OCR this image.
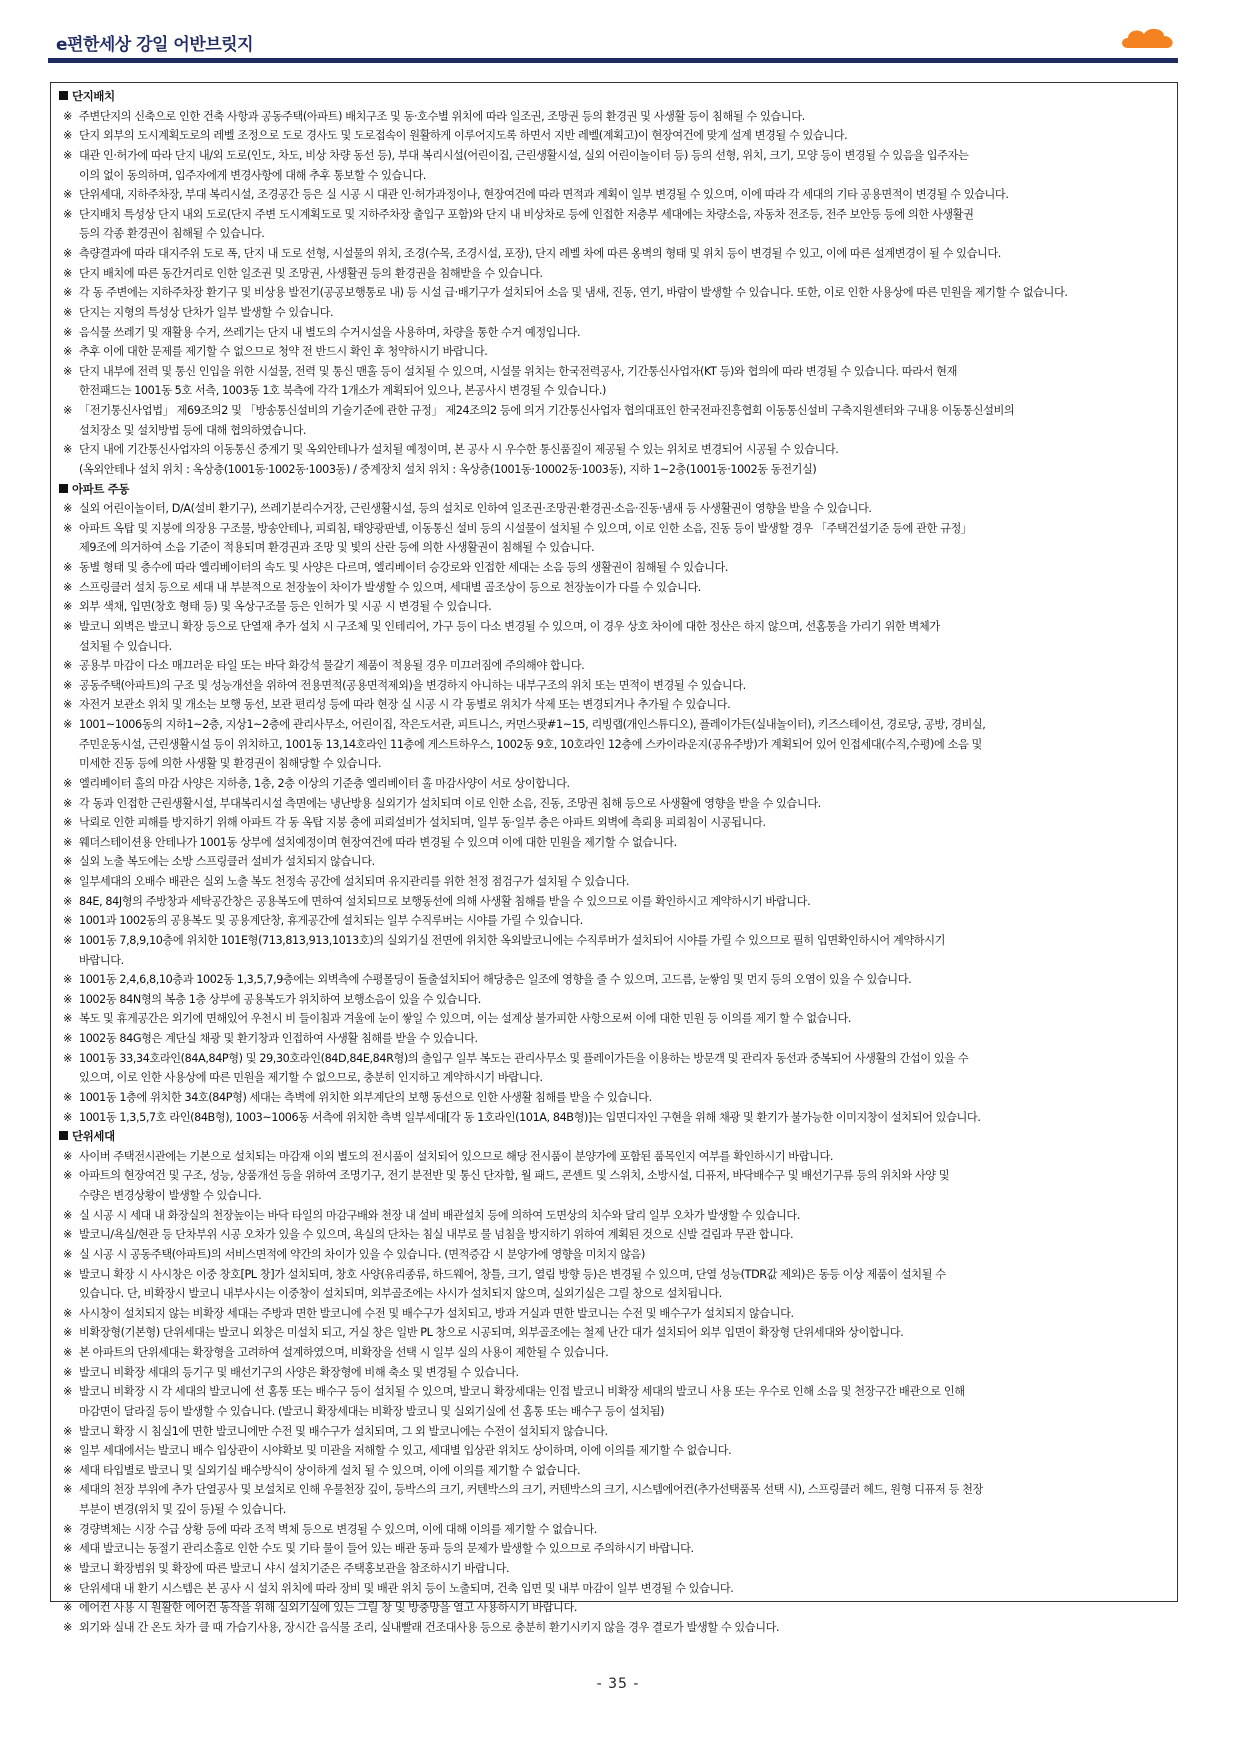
e편한세상 강일 어반브릿지
단지배치
※ 주변단지의 신축으로 인한 건축 사항과 공동주택(아파트) 배치구조 및 동·호수별 위치에 따라 일조권, 조망권 등의 환경권 및 사생활 등이 침해될 수 있습니다.
※ 단지 외부의 도시계획도로의 레벨 조정으로 도로 경사도 및 도로접속이 원활하게 이루어지도록 하면서 지반 레벨(계획고)이 현장여건에 맞게 설계 변경될 수 있습니다.
※ 대관 인·허가에 따라 단지 내/외 도로(인도, 차도, 비상 차량 동선 등), 부대 복리시설(어린이집, 근린생활시설, 실외 어린이놀이터 등) 등의 선형, 위치, 크기, 모양 등이 변경될 수 있음을 입주자는
이의 없이 동의하며, 입주자에게 변경사항에 대해 추후 통보할 수 있습니다.
※ 단위세대, 지하주차장, 부대 복리시설, 조경공간 등은 실 시공 시 대관 인·허가과정이나, 현장여건에 따라 면적과 계획이 일부 변경될 수 있으며, 이에 따라 각 세대의 기타 공용면적이 변경될 수 있습니다.
※ 단지배치 특성상 단지 내외 도로(단지 주변 도시계획도로 및 지하주차장 출입구 포함)와 단지 내 비상차로 등에 인접한 저층부 세대에는 차량소음, 자동차 전조등, 전주 보안등 등에 의한 사생활권
등의 각종 환경권이 침해될 수 있습니다.
※ 측량결과에 따라 대지주위 도로 폭, 단지 내 도로 선형, 시설물의 위치, 조경(수목, 조경시설, 포장), 단지 레벨 차에 따른 옹벽의 형태 및 위치 등이 변경될 수 있고, 이에 따른 설계변경이 될 수 있습니다.
※ 단지 배치에 따른 동간거리로 인한 일조권 및 조망권, 사생활권 등의 환경권을 침해받을 수 있습니다.
※ 각 동 주변에는 지하주차장 환기구 및 비상용 발전기(공공보행통로 내) 등 시설 급·배기구가 설치되어 소음 및 냄새, 진동, 연기, 바람이 발생할 수 있습니다. 또한, 이로 인한 사용상에 따른 민원을 제기할 수 없습니다.
※ 단지는 지형의 특성상 단차가 일부 발생할 수 있습니다.
※ 음식물 쓰레기 및 재활용 수거, 쓰레기는 단지 내 별도의 수거시설을 사용하며, 차량을 통한 수거 예정입니다.
※ 추후 이에 대한 문제를 제기할 수 없으므로 청약 전 반드시 확인 후 청약하시기 바랍니다.
※ 단지 내부에 전력 및 통신 인입을 위한 시설물, 전력 및 통신 맨홀 등이 설치될 수 있으며, 시설물 위치는 한국전력공사, 기간통신사업자(KT 등)와 협의에 따라 변경될 수 있습니다. 따라서 현재
한전패드는 1001동 5호 서측, 1003동 1호 북측에 각각 1개소가 계획되어 있으나, 본공사시 변경될 수 있습니다.)
※ 「전기통신사업법」 제69조의2 및 「방송통신설비의 기술기준에 관한 규정」 제24조의2 등에 의거 기간통신사업자 협의대표인 한국전파진흥협회 이동통신설비 구축지원센터와 구내용 이동통신설비의
설치장소 및 설치방법 등에 대해 협의하였습니다.
※ 단지 내에 기간통신사업자의 이동통신 중계기 및 옥외안테나가 설치될 예정이며, 본 공사 시 우수한 통신품질이 제공될 수 있는 위치로 변경되어 시공될 수 있습니다.
(옥외안테나 설치 위치 : 옥상층(1001동·1002동·1003동) / 중계장치 설치 위치 : 옥상층(1001동·10002동·1003동), 지하 1~2층(1001동·1002동 동전기실)
아파트 주동
※ 실외 어린이놀이터, D/A(설비 환기구), 쓰레기분리수거장, 근린생활시설, 등의 설치로 인하여 일조권·조망권·환경권·소음·진동·냄새 등 사생활권이 영향을 받을 수 있습니다.
※ 아파트 옥탑 및 지붕에 의장용 구조물, 방송안테나, 피뢰침, 태양광판넬, 이동통신 설비 등의 시설물이 설치될 수 있으며, 이로 인한 소음, 진동 등이 발생할 경우 「주택건설기준 등에 관한 규정」
제9조에 의거하여 소음 기준이 적용되며 환경권과 조망 및 빛의 산란 등에 의한 사생활권이 침해될 수 있습니다.
※ 동별 형태 및 층수에 따라 엘리베이터의 속도 및 사양은 다르며, 엘리베이터 승강로와 인접한 세대는 소음 등의 생활권이 침해될 수 있습니다.
※ 스프링클러 설치 등으로 세대 내 부분적으로 천장높이 차이가 발생할 수 있으며, 세대별 골조상이 등으로 천장높이가 다를 수 있습니다.
※ 외부 색채, 입면(창호 형태 등) 및 옥상구조물 등은 인허가 및 시공 시 변경될 수 있습니다.
※ 발코니 외벽은 발코니 확장 등으로 단열재 추가 설치 시 구조체 및 인테리어, 가구 등이 다소 변경될 수 있으며, 이 경우 상호 차이에 대한 정산은 하지 않으며, 선홈통을 가리기 위한 벽체가
설치될 수 있습니다.
※ 공용부 마감이 다소 매끄러운 타일 또는 바닥 화강석 물갈기 제품이 적용될 경우 미끄러짐에 주의해야 합니다.
※ 공동주택(아파트)의 구조 및 성능개선을 위하여 전용면적(공용면적제외)을 변경하지 아니하는 내부구조의 위치 또는 면적이 변경될 수 있습니다.
※ 자전거 보관소 위치 및 개소는 보행 동선, 보관 편리성 등에 따라 현장 실 시공 시 각 동별로 위치가 삭제 또는 변경되거나 추가될 수 있습니다.
※ 1001~1006동의 지하1~2층, 지상1~2층에 관리사무소, 어린이집, 작은도서관, 피트니스, 커먼스팟#1~15, 리빙랩(개인스튜디오), 플레이가든(실내놀이터), 키즈스테이션, 경로당, 공방, 경비실,
주민운동시설, 근린생활시설 등이 위치하고, 1001동 13,14호라인 11층에 게스트하우스, 1002동 9호, 10호라인 12층에 스카이라운지(공유주방)가 계획되어 있어 인접세대(수직,수평)에 소음 및
미세한 진동 등에 의한 사생활 및 환경권이 침해당할 수 있습니다.
※ 엘리베이터 홀의 마감 사양은 지하층, 1층, 2층 이상의 기준층 엘리베이터 홀 마감사양이 서로 상이합니다.
※ 각 동과 인접한 근린생활시설, 부대복리시설 측면에는 냉난방용 실외기가 설치되며 이로 인한 소음, 진동, 조망권 침해 등으로 사생활에 영향을 받을 수 있습니다.
※ 낙뢰로 인한 피해를 방지하기 위해 아파트 각 동 옥탑 지붕 층에 피뢰설비가 설치되며, 일부 동·일부 층은 아파트 외벽에 측뢰용 피뢰침이 시공됩니다.
※ 웨더스테이션용 안테나가 1001동 상부에 설치예정이며 현장여건에 따라 변경될 수 있으며 이에 대한 민원을 제기할 수 없습니다.
※ 실외 노출 복도에는 소방 스프링클러 설비가 설치되지 않습니다.
※ 일부세대의 오배수 배관은 실외 노출 복도 천정속 공간에 설치되며 유지관리를 위한 천정 점검구가 설치될 수 있습니다.
※ 84E, 84J형의 주방창과 세탁공간창은 공용복도에 면하여 설치되므로 보행동선에 의해 사생활 침해를 받을 수 있으므로 이를 확인하시고 계약하시기 바랍니다.
※ 1001과 1002동의 공용복도 및 공용계단창, 휴게공간에 설치되는 일부 수직루버는 시야를 가릴 수 있습니다.
※ 1001동 7,8,9,10층에 위치한 101E형(713,813,913,1013호)의 실외기실 전면에 위치한 옥외발코니에는 수직루버가 설치되어 시야를 가릴 수 있으므로 필히 입면확인하시어 계약하시기
바랍니다.
※ 1001동 2,4,6,8,10층과 1002동 1,3,5,7,9층에는 외벽측에 수평몰딩이 돌출설치되어 해당층은 일조에 영향을 줄 수 있으며, 고드름, 눈쌓임 및 먼지 등의 오염이 있을 수 있습니다.
※ 1002동 84N형의 복층 1층 상부에 공용복도가 위치하여 보행소음이 있을 수 있습니다.
※ 복도 및 휴게공간은 외기에 면해있어 우천시 비 들이침과 겨울에 눈이 쌓일 수 있으며, 이는 설계상 불가피한 사항으로써 이에 대한 민원 등 이의를 제기 할 수 없습니다.
※ 1002동 84G형은 계단실 채광 및 환기창과 인접하여 사생활 침해를 받을 수 있습니다.
※ 1001동 33,34호라인(84A,84P형) 및 29,30호라인(84D,84E,84R형)의 출입구 일부 복도는 관리사무소 및 플레이가든을 이용하는 방문객 및 관리자 동선과 중복되어 사생활의 간섭이 있을 수
있으며, 이로 인한 사용상에 따른 민원을 제기할 수 없으므로, 충분히 인지하고 계약하시기 바랍니다.
※ 1001동 1층에 위치한 34호(84P형) 세대는 측벽에 위치한 외부계단의 보행 동선으로 인한 사생활 침해를 받을 수 있습니다.
※ 1001동 1,3,5,7호 라인(84B형), 1003~1006동 서측에 위치한 측벽 일부세대[각 동 1호라인(101A, 84B형)]는 입면디자인 구현을 위해 채광 및 환기가 불가능한 이미지창이 설치되어 있습니다.
단위세대
※ 사이버 주택전시관에는 기본으로 설치되는 마감재 이외 별도의 전시품이 설치되어 있으므로 해당 전시품이 분양가에 포함된 품목인지 여부를 확인하시기 바랍니다.
※ 아파트의 현장여건 및 구조, 성능, 상품개선 등을 위하여 조명기구, 전기 분전반 및 통신 단자함, 월 패드, 콘센트 및 스위치, 소방시설, 디퓨저, 바닥배수구 및 배선기구류 등의 위치와 사양 및
수량은 변경상황이 발생할 수 있습니다.
※ 실 시공 시 세대 내 화장실의 천장높이는 바닥 타일의 마감구배와 천장 내 설비 배관설치 등에 의하여 도면상의 치수와 달리 일부 오차가 발생할 수 있습니다.
※ 발코니/욕실/현관 등 단차부위 시공 오차가 있을 수 있으며, 욕실의 단차는 침실 내부로 물 넘침을 방지하기 위하여 계획된 것으로 신발 걸림과 무관 합니다.
※ 실 시공 시 공동주택(아파트)의 서비스면적에 약간의 차이가 있을 수 있습니다. (면적증감 시 분양가에 영향을 미치지 않음)
※ 발코니 확장 시 사시창은 이중 창호[PL 창]가 설치되며, 창호 사양(유리종류, 하드웨어, 창틀, 크기, 열림 방향 등)은 변경될 수 있으며, 단열 성능(TDR값 제외)은 동등 이상 제품이 설치될 수
있습니다. 단, 비확장시 발코니 내부사시는 이중창이 설치되며, 외부골조에는 사시가 설치되지 않으며, 실외기실은 그릴 창으로 설치됩니다.
※ 사시창이 설치되지 않는 비확장 세대는 주방과 면한 발코니에 수전 및 배수구가 설치되고, 방과 거실과 면한 발코니는 수전 및 배수구가 설치되지 않습니다.
※ 비확장형(기본형) 단위세대는 발코니 외창은 미설치 되고, 거실 창은 일반 PL 창으로 시공되며, 외부골조에는 철제 난간 대가 설치되어 외부 입면이 확장형 단위세대와 상이합니다.
※ 본 아파트의 단위세대는 확장형을 고려하여 설계하였으며, 비확장을 선택 시 일부 실의 사용이 제한될 수 있습니다.
※ 발코니 비확장 세대의 등기구 및 배선기구의 사양은 확장형에 비해 축소 및 변경될 수 있습니다.
※ 발코니 비확장 시 각 세대의 발코니에 선 홈통 또는 배수구 등이 설치될 수 있으며, 발코니 확장세대는 인접 발코니 비확장 세대의 발코니 사용 또는 우수로 인해 소음 및 천장구간 배관으로 인해
마감면이 달라질 등이 발생할 수 있습니다. (발코니 확장세대는 비확장 발코니 및 실외기실에 선 홈통 또는 배수구 등이 설치됨)
※ 발코니 확장 시 침실1에 면한 발코니에만 수전 및 배수구가 설치되며, 그 외 발코니에는 수전이 설치되지 않습니다.
※ 일부 세대에서는 발코니 배수 입상관이 시야확보 및 미관을 저해할 수 있고, 세대별 입상관 위치도 상이하며, 이에 이의를 제기할 수 없습니다.
※ 세대 타입별로 발코니 및 실외기실 배수방식이 상이하게 설치 될 수 있으며, 이에 이의를 제기할 수 없습니다.
※ 세대의 천장 부위에 추가 단열공사 및 보설치로 인해 우물천장 깊이, 등박스의 크기, 커텐박스의 크기, 커텐박스의 크기, 시스템에어컨(추가선택품목 선택 시), 스프링클러 헤드, 원형 디퓨저 등 천장
부분이 변경(위치 및 깊이 등)될 수 있습니다.
※ 경량벽체는 시장 수급 상황 등에 따라 조적 벽체 등으로 변경될 수 있으며, 이에 대해 이의를 제기할 수 없습니다.
※ 세대 발코니는 동절기 관리소홀로 인한 수도 및 기타 물이 들어 있는 배관 동파 등의 문제가 발생할 수 있으므로 주의하시기 바랍니다.
※ 발코니 확장범위 및 확장에 따른 발코니 샤시 설치기준은 주택홍보관을 참조하시기 바랍니다.
※ 단위세대 내 환기 시스템은 본 공사 시 설치 위치에 따라 장비 및 배관 위치 등이 노출되며, 건축 입면 및 내부 마감이 일부 변경될 수 있습니다.
※ 에어컨 사용 시 원활한 에어컨 동작을 위해 실외기실에 있는 그릴 창 및 방충망을 열고 사용하시기 바랍니다.
※ 외기와 실내 간 온도 차가 클 때 가습기사용, 장시간 음식물 조리, 실내빨래 건조대사용 등으로 충분히 환기시키지 않을 경우 결로가 발생할 수 있습니다.
- 35 -
